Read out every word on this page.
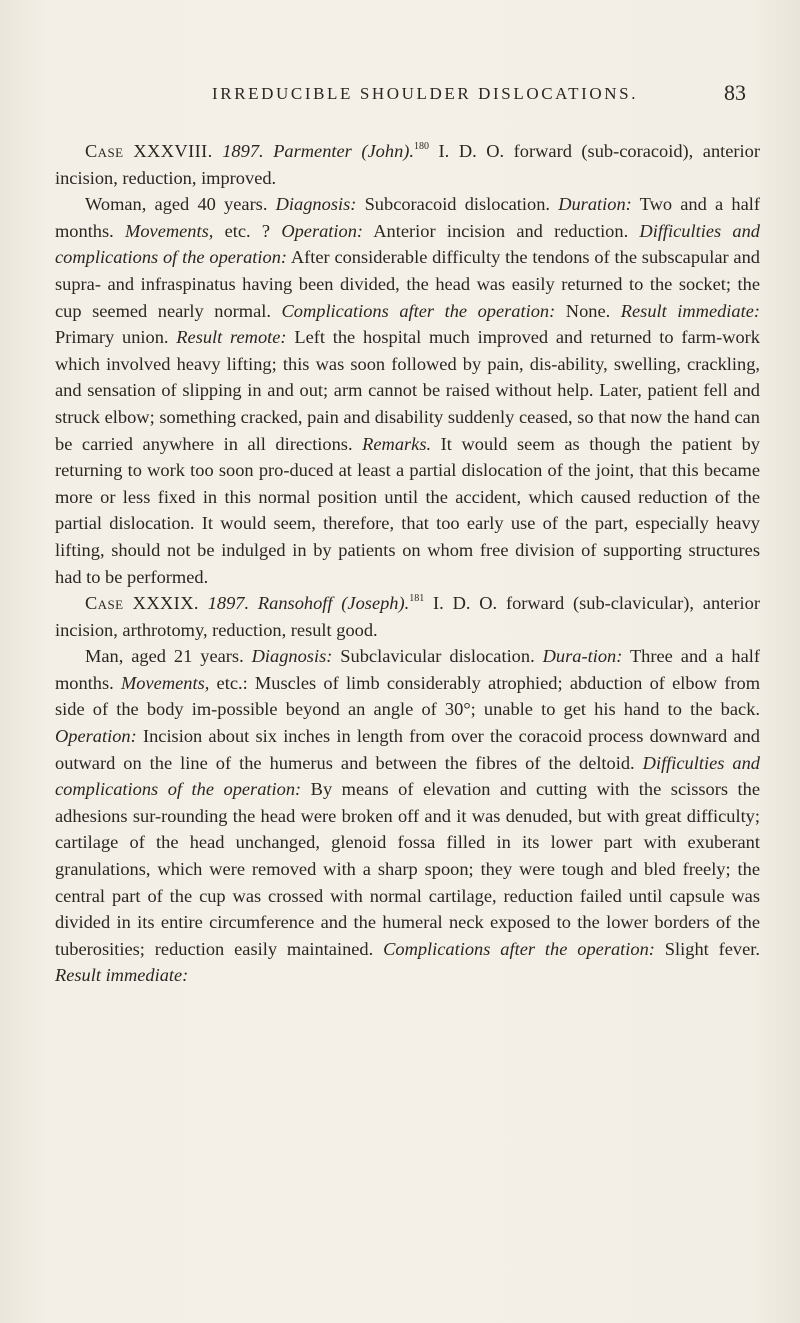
IRREDUCIBLE SHOULDER DISLOCATIONS.	83

Case XXXVIII. 1897. Parmenter (John).$^{180}$ I. D. O. forward (sub-coracoid), anterior incision, reduction, improved.

Woman, aged 40 years. Diagnosis: Subcoracoid dislocation. Duration: Two and a half months. Movements, etc. ? Operation: Anterior incision and reduction. Difficulties and complications of the operation: After considerable difficulty the tendons of the subscapular and supra- and infraspinatus having been divided, the head was easily returned to the socket; the cup seemed nearly normal. Complications after the operation: None. Result immediate: Primary union. Result remote: Left the hospital much improved and returned to farm-work which involved heavy lifting; this was soon followed by pain, dis-ability, swelling, crackling, and sensation of slipping in and out; arm cannot be raised without help. Later, patient fell and struck elbow; something cracked, pain and disability suddenly ceased, so that now the hand can be carried anywhere in all directions. Remarks. It would seem as though the patient by returning to work too soon pro-duced at least a partial dislocation of the joint, that this became more or less fixed in this normal position until the accident, which caused reduction of the partial dislocation. It would seem, therefore, that too early use of the part, especially heavy lifting, should not be indulged in by patients on whom free division of supporting structures had to be performed.

Case XXXIX. 1897. Ransohoff (Joseph).$^{181}$ I. D. O. forward (sub-clavicular), anterior incision, arthrotomy, reduction, result good.

Man, aged 21 years. Diagnosis: Subclavicular dislocation. Dura-tion: Three and a half months. Movements, etc.: Muscles of limb considerably atrophied; abduction of elbow from side of the body im-possible beyond an angle of 30°; unable to get his hand to the back. Operation: Incision about six inches in length from over the coracoid process downward and outward on the line of the humerus and between the fibres of the deltoid. Difficulties and complications of the operation: By means of elevation and cutting with the scissors the adhesions sur-rounding the head were broken off and it was denuded, but with great difficulty; cartilage of the head unchanged, glenoid fossa filled in its lower part with exuberant granulations, which were removed with a sharp spoon; they were tough and bled freely; the central part of the cup was crossed with normal cartilage, reduction failed until capsule was divided in its entire circumference and the humeral neck exposed to the lower borders of the tuberosities; reduction easily maintained. Complications after the operation: Slight fever. Result immediate:
